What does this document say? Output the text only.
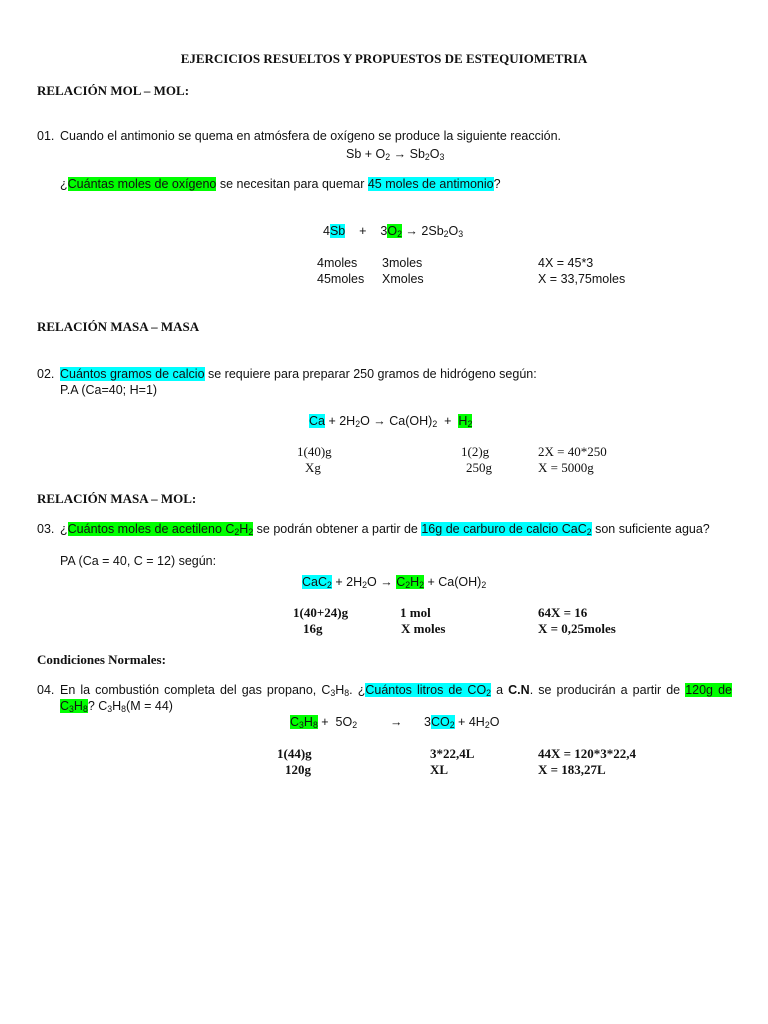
EJERCICIOS RESUELTOS Y PROPUESTOS DE ESTEQUIOMETRIA
RELACIÓN MOL – MOL:
01. Cuando el antimonio se quema en atmósfera de oxígeno se produce la siguiente reacción.
$Sb + O_2 \to Sb_2O_3$
¿Cuántas moles de oxígeno se necesitan para quemar 45 moles de antimonio?
$4Sb + 3O_2 \to 2Sb_2O_3$
4moles 3moles	4X = 45*3
45moles Xmoles	X = 33,75moles
RELACIÓN MASA – MASA
02. Cuántos gramos de calcio se requiere para preparar 250 gramos de hidrógeno según:
P.A (Ca=40; H=1)
$Ca + 2H_2O \to Ca(OH)_2 + H_2$
1(40)g	1(2)g	2X = 40*250
Xg	250g	X = 5000g
RELACIÓN MASA – MOL:
03. ¿Cuántos moles de acetileno $C_2H_2$ se podrán obtener a partir de 16g de carburo de calcio CaC$_2$ son suficiente agua?
PA (Ca = 40, C = 12) según:
$CaC_2 + 2H_2O \to C_2H_2 + Ca(OH)_2$
1(40+24)g	1 mol	64X = 16
16g	X moles	X = 0,25moles
Condiciones Normales:
04. En la combustión completa del gas propano, $C_3H_8$. ¿Cuántos litros de $CO_2$ a C.N. se producirán a partir de 120g de $C_3H_8$? $C_3H_8(M = 44)$
$C_3H_8 + 5O_2$	→ $3CO_2 + 4H_2O$
1(44)g	3*22,4L	44X = 120*3*22,4
120g	XL	X = 183,27L
